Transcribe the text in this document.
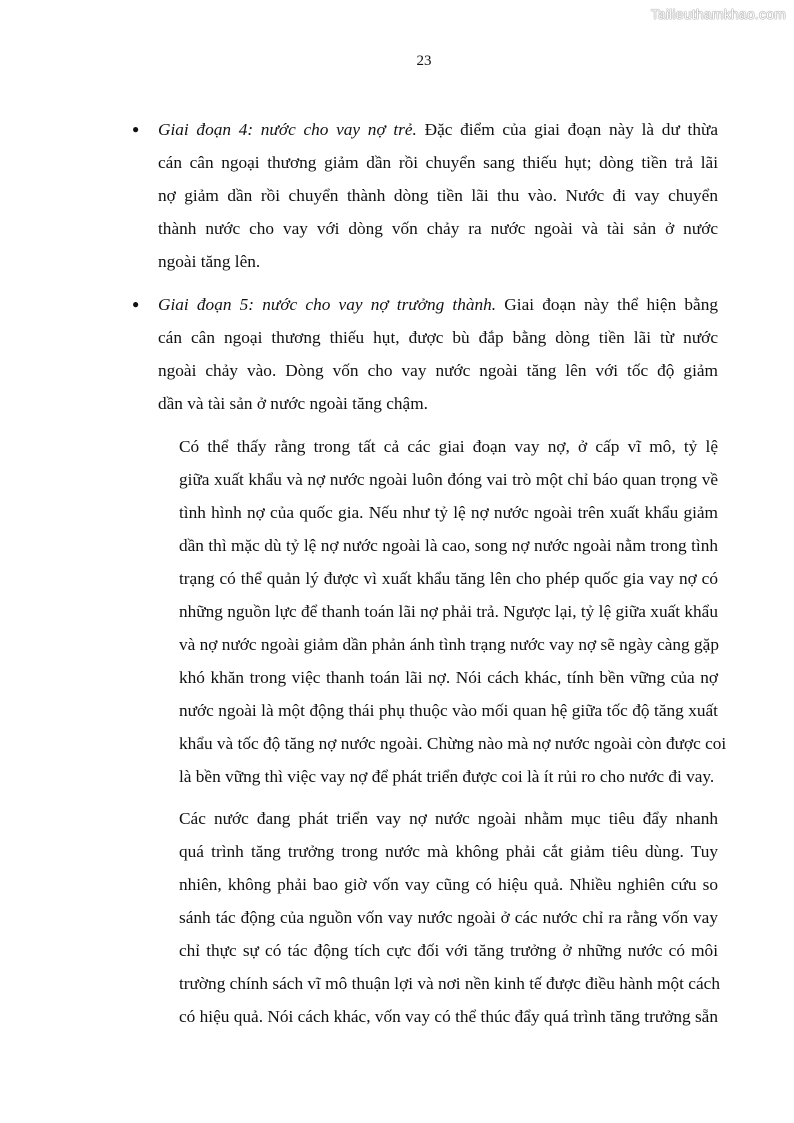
Tailieuthamkhao.com
23
● Giai đoạn 4: nước cho vay nợ trẻ. Đặc điểm của giai đoạn này là dư thừa
cán cân ngoại thương giảm dần rồi chuyển sang thiếu hụt; dòng tiền trả lãi
nợ giảm dần rồi chuyển thành dòng tiền lãi thu vào. Nước đi vay chuyển
thành nước cho vay với dòng vốn chảy ra nước ngoài và tài sản ở nước
ngoài tăng lên.
● Giai đoạn 5: nước cho vay nợ trưởng thành. Giai đoạn này thể hiện bằng
cán cân ngoại thương thiếu hụt, được bù đắp bằng dòng tiền lãi từ nước
ngoài chảy vào. Dòng vốn cho vay nước ngoài tăng lên với tốc độ giảm
dần và tài sản ở nước ngoài tăng chậm.
Có thể thấy rằng trong tất cả các giai đoạn vay nợ, ở cấp vĩ mô, tỷ lệ
giữa xuất khẩu và nợ nước ngoài luôn đóng vai trò một chỉ báo quan trọng về
tình hình nợ của quốc gia. Nếu như tỷ lệ nợ nước ngoài trên xuất khẩu giảm
dần thì mặc dù tỷ lệ nợ nước ngoài là cao, song nợ nước ngoài nằm trong tình
trạng có thể quản lý được vì xuất khẩu tăng lên cho phép quốc gia vay nợ có
những nguồn lực để thanh toán lãi nợ phải trả. Ngược lại, tỷ lệ giữa xuất khẩu
và nợ nước ngoài giảm dần phản ánh tình trạng nước vay nợ sẽ ngày càng gặp
khó khăn trong việc thanh toán lãi nợ. Nói cách khác, tính bền vững của nợ
nước ngoài là một động thái phụ thuộc vào mối quan hệ giữa tốc độ tăng xuất
khẩu và tốc độ tăng nợ nước ngoài. Chừng nào mà nợ nước ngoài còn được coi
là bền vững thì việc vay nợ để phát triển được coi là ít rủi ro cho nước đi vay.
Các nước đang phát triển vay nợ nước ngoài nhằm mục tiêu đẩy nhanh
quá trình tăng trưởng trong nước mà không phải cắt giảm tiêu dùng. Tuy
nhiên, không phải bao giờ vốn vay cũng có hiệu quả. Nhiều nghiên cứu so
sánh tác động của nguồn vốn vay nước ngoài ở các nước chỉ ra rằng vốn vay
chỉ thực sự có tác động tích cực đối với tăng trưởng ở những nước có môi
trường chính sách vĩ mô thuận lợi và nơi nền kinh tế được điều hành một cách
có hiệu quả. Nói cách khác, vốn vay có thể thúc đẩy quá trình tăng trưởng sẵn
